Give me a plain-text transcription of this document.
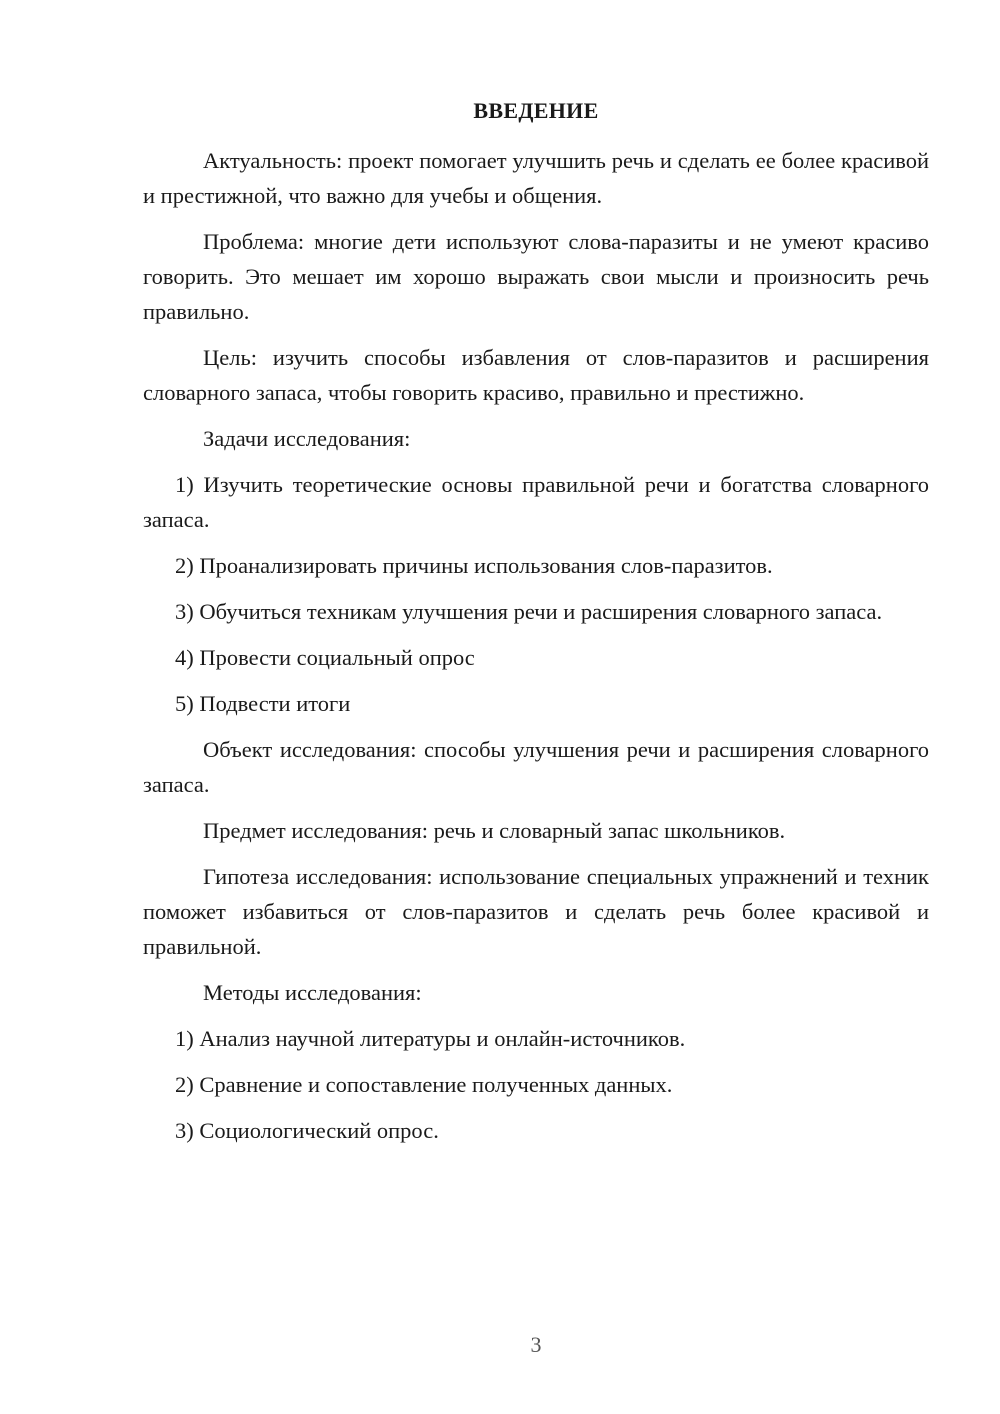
ВВЕДЕНИЕ

Актуальность: проект помогает улучшить речь и сделать ее более красивой и престижной, что важно для учебы и общения.

Проблема: многие дети используют слова-паразиты и не умеют красиво говорить. Это мешает им хорошо выражать свои мысли и произносить речь правильно.

Цель: изучить способы избавления от слов-паразитов и расширения словарного запаса, чтобы говорить красиво, правильно и престижно.

Задачи исследования:

1) Изучить теоретические основы правильной речи и богатства словарного запаса.

2) Проанализировать причины использования слов-паразитов.

3) Обучиться техникам улучшения речи и расширения словарного запаса.

4) Провести социальный опрос

5) Подвести итоги

Объект исследования: способы улучшения речи и расширения словарного запаса.

Предмет исследования: речь и словарный запас школьников.

Гипотеза исследования: использование специальных упражнений и техник поможет избавиться от слов-паразитов и сделать речь более красивой и правильной.

Методы исследования:

1) Анализ научной литературы и онлайн-источников.

2) Сравнение и сопоставление полученных данных.

3) Социологический опрос.

3
